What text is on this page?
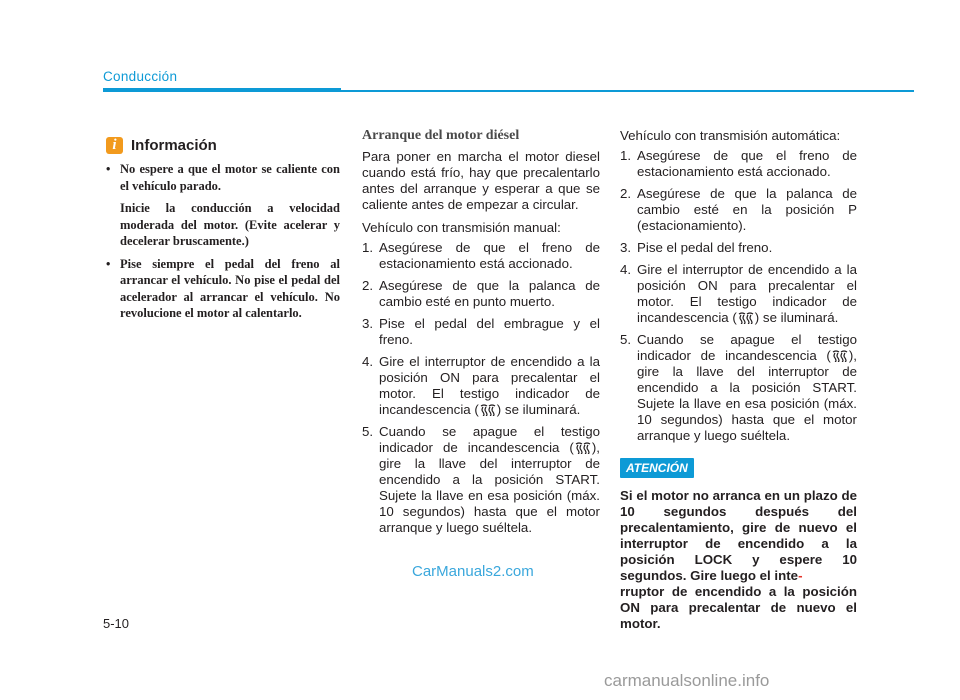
Conducción
i Información

• No espere a que el motor se caliente con el vehículo parado.

Inicie la conducción a velocidad moderada del motor. (Evite acelerar y decelerar bruscamente.)

• Pise siempre el pedal del freno al arrancar el vehículo. No pise el pedal del acelerador al arrancar el vehículo. No revolucione el motor al calentarlo.

Arranque del motor diésel

Para poner en marcha el motor diesel cuando está frío, hay que precalentarlo antes del arranque y esperar a que se caliente antes de empezar a circular.

Vehículo con transmisión manual:

1. Asegúrese de que el freno de estacionamiento está accionado.
2. Asegúrese de que la palanca de cambio esté en punto muerto.
3. Pise el pedal del embrague y el freno.
4. Gire el interruptor de encendido a la posición ON para precalentar el motor. El testigo indicador de incandescencia ( ) se iluminará.
5. Cuando se apague el testigo indicador de incandescencia ( ), gire la llave del interruptor de encendido a la posición START. Sujete la llave en esa posición (máx. 10 segundos) hasta que el motor arranque y luego suéltela.

Vehículo con transmisión automática:

1. Asegúrese de que el freno de estacionamiento está accionado.
2. Asegúrese de que la palanca de cambio esté en la posición P (estacionamiento).
3. Pise el pedal del freno.
4. Gire el interruptor de encendido a la posición ON para precalentar el motor. El testigo indicador de incandescencia ( ) se iluminará.
5. Cuando se apague el testigo indicador de incandescencia ( ), gire la llave del interruptor de encendido a la posición START. Sujete la llave en esa posición (máx. 10 segundos) hasta que el motor arranque y luego suéltela.
ATENCIÓN

Si el motor no arranca en un plazo de 10 segundos después del precalentamiento, gire de nuevo el interruptor de encendido a la posición LOCK y espere 10 segundos. Gire luego el inte-
rruptor de encendido a la posición ON para precalentar de nuevo el motor.

5-10
CarManuals2.com
carmanualsonline.info
